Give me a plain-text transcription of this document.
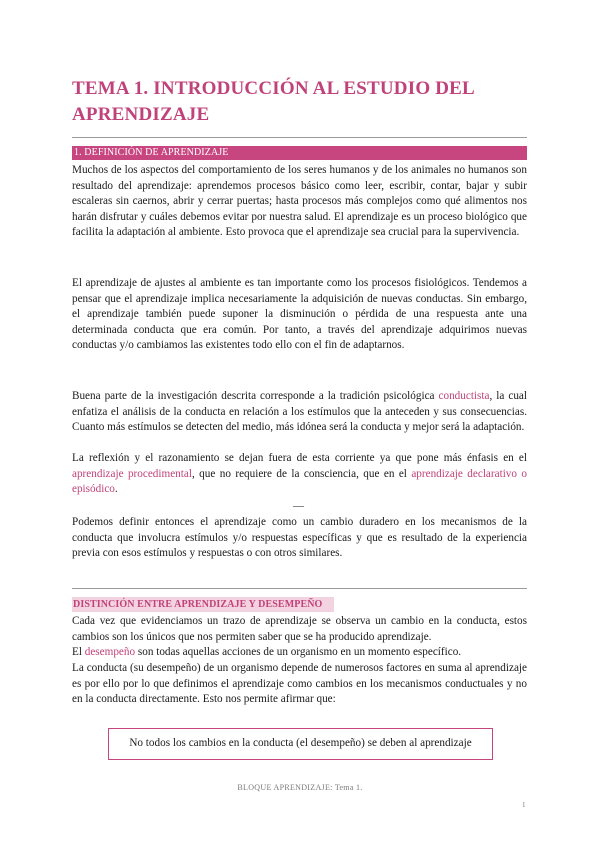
TEMA 1. INTRODUCCIÓN AL ESTUDIO DEL APRENDIZAJE
1. DEFINICIÓN DE APRENDIZAJE

Muchos de los aspectos del comportamiento de los seres humanos y de los animales no humanos son resultado del aprendizaje: aprendemos procesos básico como leer, escribir, contar, bajar y subir escaleras sin caernos, abrir y cerrar puertas; hasta procesos más complejos como qué alimentos nos harán disfrutar y cuáles debemos evitar por nuestra salud. El aprendizaje es un proceso biológico que facilita la adaptación al ambiente. Esto provoca que el aprendizaje sea crucial para la supervivencia.

El aprendizaje de ajustes al ambiente es tan importante como los procesos fisiológicos. Tendemos a pensar que el aprendizaje implica necesariamente la adquisición de nuevas conductas. Sin embargo, el aprendizaje también puede suponer la disminución o pérdida de una respuesta ante una determinada conducta que era común. Por tanto, a través del aprendizaje adquirimos nuevas conductas y/o cambiamos las existentes todo ello con el fin de adaptarnos.

Buena parte de la investigación descrita corresponde a la tradición psicológica conductista, la cual enfatiza el análisis de la conducta en relación a los estímulos que la anteceden y sus consecuencias. Cuanto más estímulos se detecten del medio, más idónea será la conducta y mejor será la adaptación.

La reflexión y el razonamiento se dejan fuera de esta corriente ya que pone más énfasis en el aprendizaje procedimental, que no requiere de la consciencia, que en el aprendizaje declarativo o episódico.

—

Podemos definir entonces el aprendizaje como un cambio duradero en los mecanismos de la conducta que involucra estímulos y/o respuestas específicas y que es resultado de la experiencia previa con esos estímulos y respuestas o con otros similares.

DISTINCIÓN ENTRE APRENDIZAJE Y DESEMPEÑO

Cada vez que evidenciamos un trazo de aprendizaje se observa un cambio en la conducta, estos cambios son los únicos que nos permiten saber que se ha producido aprendizaje.

El desempeño son todas aquellas acciones de un organismo en un momento específico.

La conducta (su desempeño) de un organismo depende de numerosos factores en suma al aprendizaje es por ello por lo que definimos el aprendizaje como cambios en los mecanismos conductuales y no en la conducta directamente. Esto nos permite afirmar que:

No todos los cambios en la conducta (el desempeño) se deben al aprendizaje
BLOQUE APRENDIZAJE: Tema 1.
1
